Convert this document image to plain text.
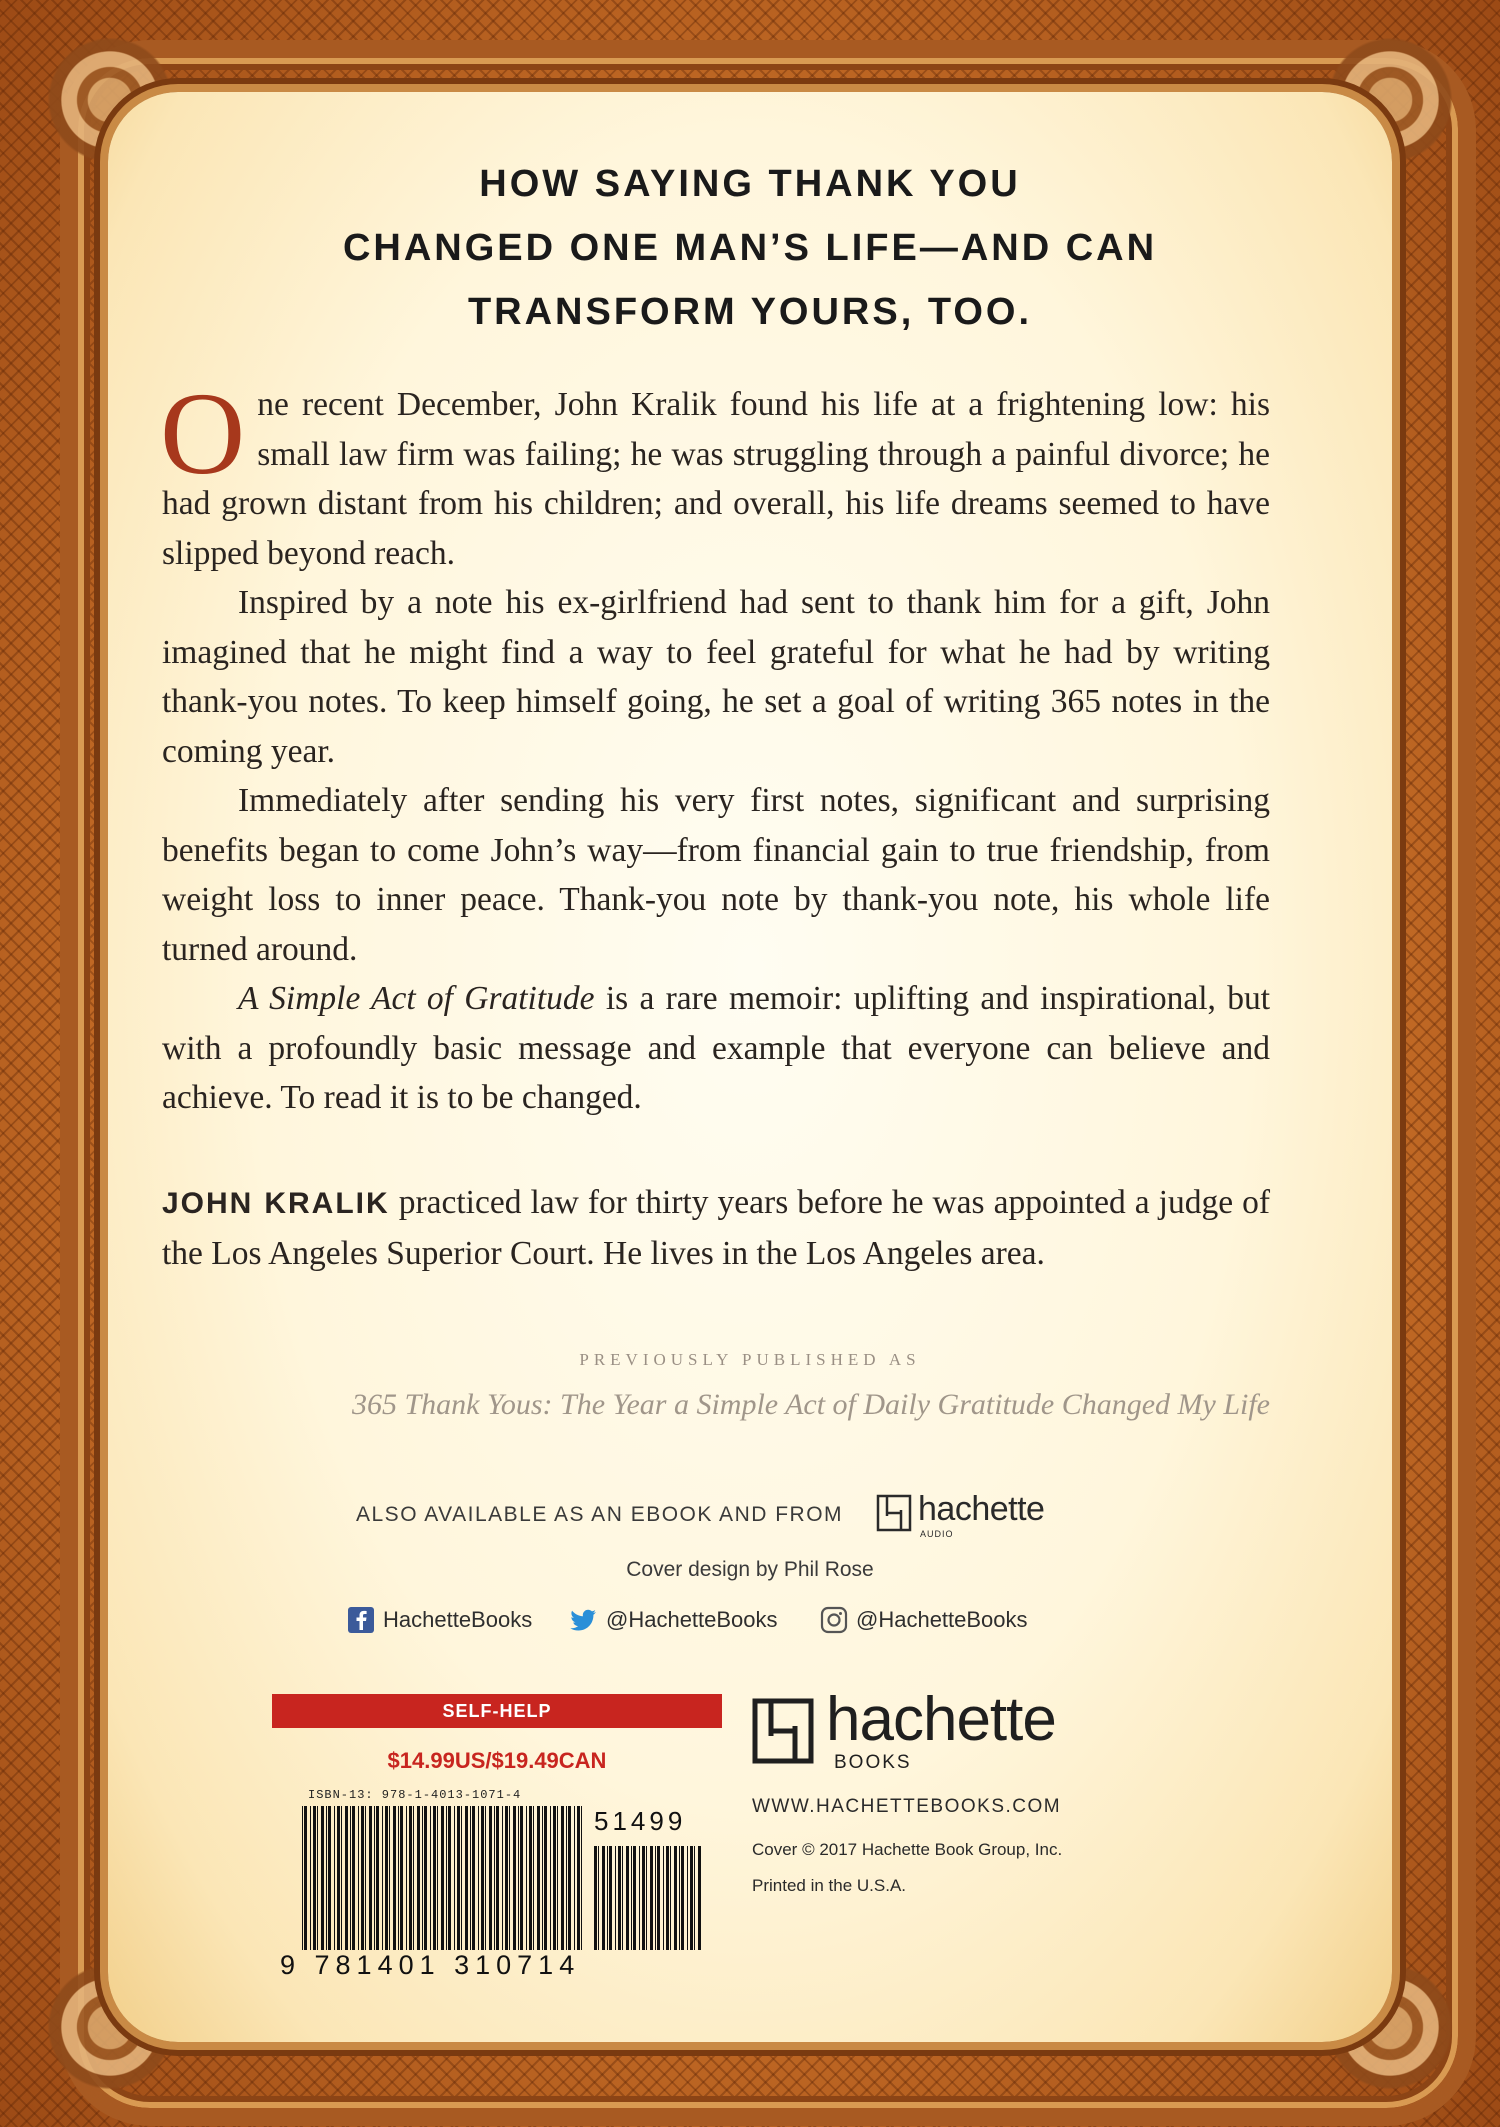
HOW SAYING THANK YOU
CHANGED ONE MAN’S LIFE—AND CAN
TRANSFORM YOURS, TOO.

One recent December, John Kralik found his life at a frightening low: his small law firm was failing; he was struggling through a painful divorce; he had grown distant from his children; and overall, his life dreams seemed to have slipped beyond reach.

Inspired by a note his ex-girlfriend had sent to thank him for a gift, John imagined that he might find a way to feel grateful for what he had by writing thank-you notes. To keep himself going, he set a goal of writing 365 notes in the coming year.

Immediately after sending his very first notes, significant and surprising benefits began to come John’s way—from financial gain to true friendship, from weight loss to inner peace. Thank-you note by thank-you note, his whole life turned around.

A Simple Act of Gratitude is a rare memoir: uplifting and inspirational, but with a profoundly basic message and example that everyone can believe and achieve. To read it is to be changed.

JOHN KRALIK practiced law for thirty years before he was appointed a judge of the Los Angeles Superior Court. He lives in the Los Angeles area.
PREVIOUSLY PUBLISHED AS
365 Thank Yous: The Year a Simple Act of Daily Gratitude Changed My Life
ALSO AVAILABLE AS AN EBOOK AND FROM hachette
AUDIO
Cover design by Phil Rose
HachetteBooks	@HachetteBooks	@HachetteBooks
SELF-HELP
$14.99US/$19.49CAN
ISBN-13: 978-1-4013-1071-4
51499
9 781401 310714
hachette
BOOKS
WWW.HACHETTEBOOKS.COM
Cover © 2017 Hachette Book Group, Inc.
Printed in the U.S.A.
